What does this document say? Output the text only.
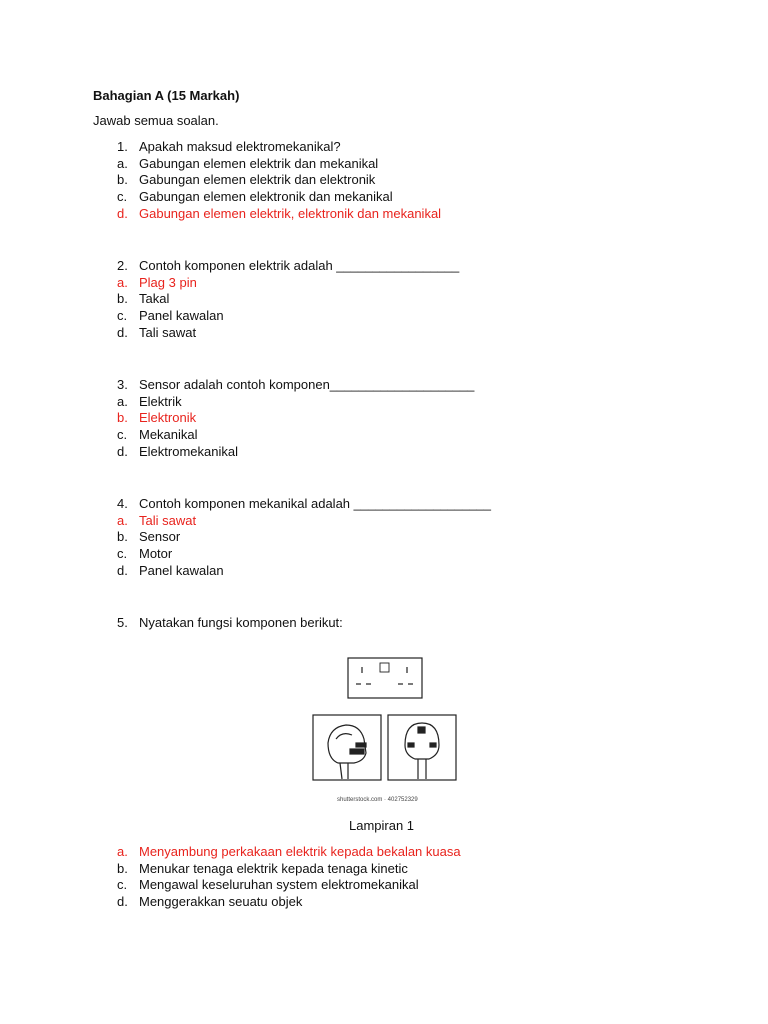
Bahagian A (15 Markah)
Jawab semua soalan.
1. Apakah maksud elektromekanikal?
a. Gabungan elemen elektrik dan mekanikal
b. Gabungan elemen elektrik dan elektronik
c. Gabungan elemen elektronik dan mekanikal
d. Gabungan elemen elektrik, elektronik dan mekanikal
2. Contoh komponen elektrik adalah _________________
a. Plag 3 pin
b. Takal
c. Panel kawalan
d. Tali sawat
3. Sensor adalah contoh komponen____________________
a. Elektrik
b. Elektronik
c. Mekanikal
d. Elektromekanikal
4. Contoh komponen mekanikal adalah ___________________
a. Tali sawat
b. Sensor
c. Motor
d. Panel kawalan
5. Nyatakan fungsi komponen berikut:
shutterstock.com · 402752329
Lampiran 1
a. Menyambung perkakaan elektrik kepada bekalan kuasa
b. Menukar tenaga elektrik kepada tenaga kinetic
c. Mengawal keseluruhan system elektromekanikal
d. Menggerakkan seuatu objek
